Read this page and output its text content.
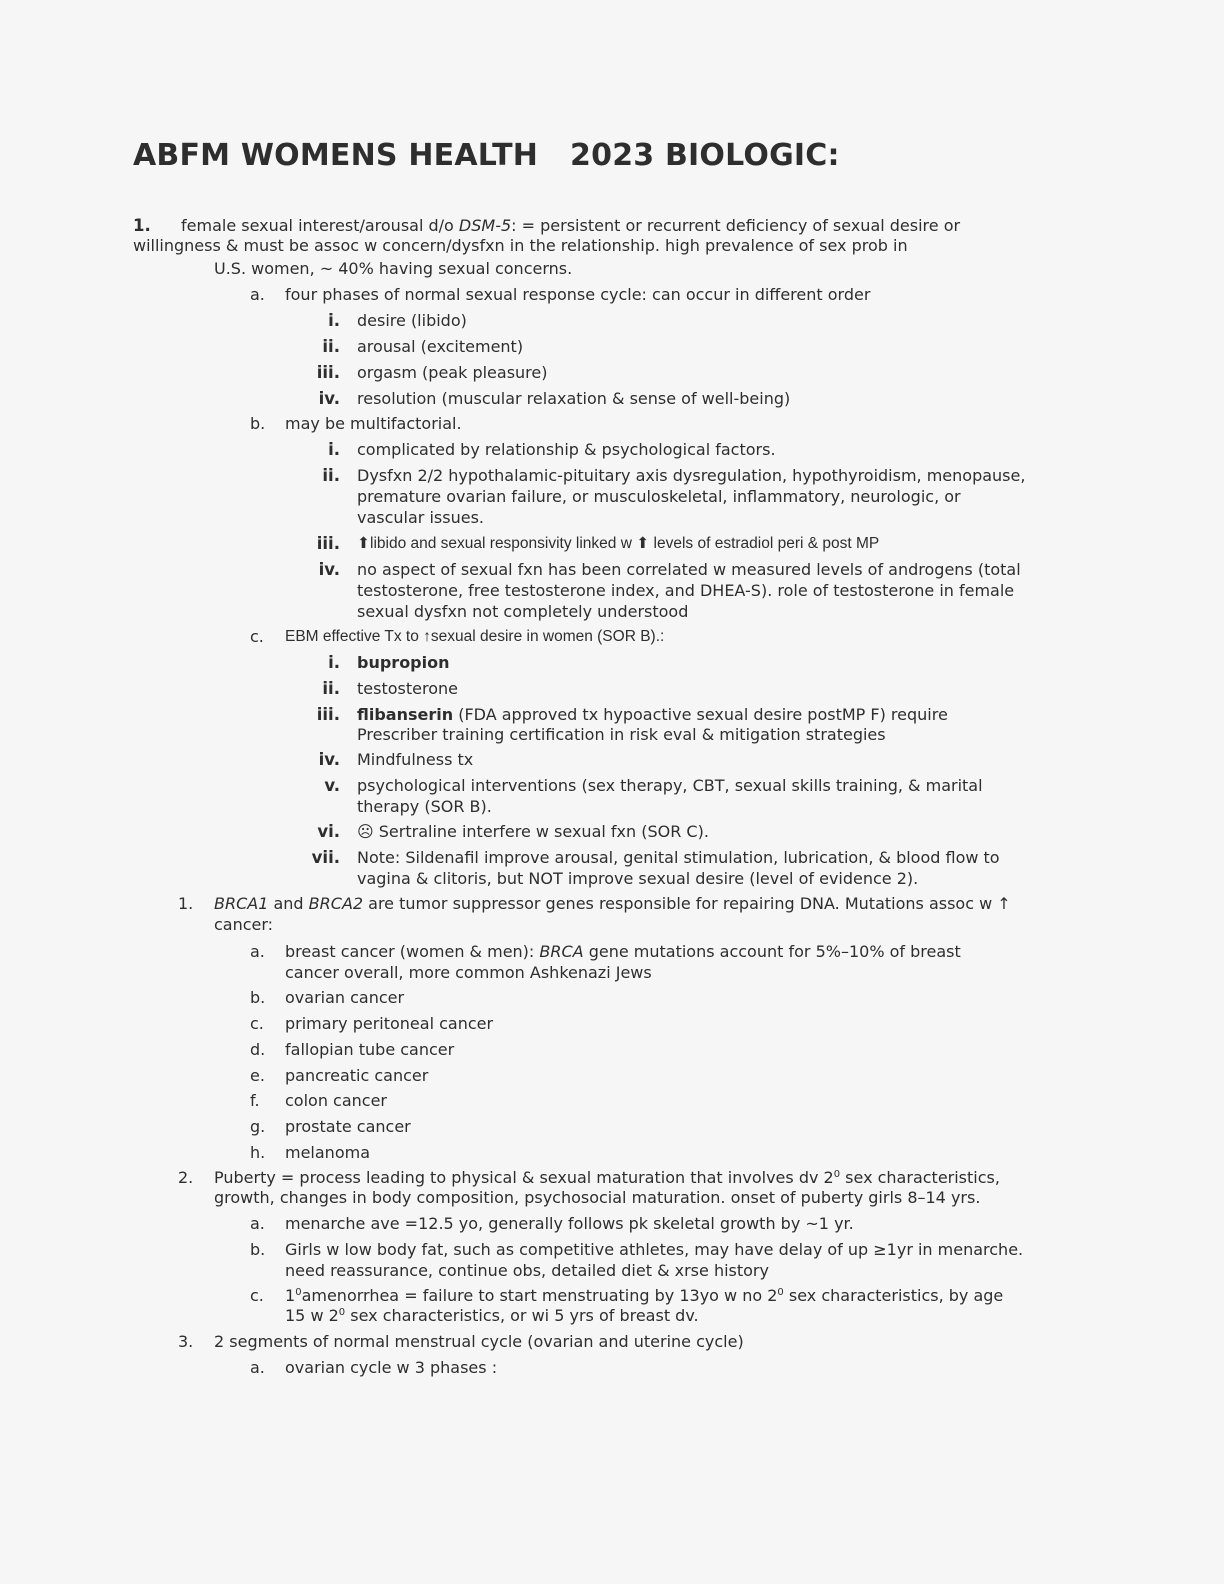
ABFM WOMENS HEALTH   2023 BIOLOGIC:
1. female sexual interest/arousal d/o DSM-5: = persistent or recurrent deficiency of sexual desire or
willingness & must be assoc w concern/dysfxn in the relationship. high prevalence of sex prob in
U.S. women, ~ 40% having sexual concerns.
a. four phases of normal sexual response cycle: can occur in different order
i. desire (libido)
ii. arousal (excitement)
iii. orgasm (peak pleasure)
iv. resolution (muscular relaxation & sense of well-being)
b. may be multifactorial.
i. complicated by relationship & psychological factors.
ii. Dysfxn 2/2 hypothalamic-pituitary axis dysregulation, hypothyroidism, menopause,
premature ovarian failure, or musculoskeletal, inflammatory, neurologic, or
vascular issues.
iii. ⬆libido and sexual responsivity linked w ⬆ levels of estradiol peri & post MP
iv. no aspect of sexual fxn has been correlated w measured levels of androgens (total
testosterone, free testosterone index, and DHEA-S). role of testosterone in female
sexual dysfxn not completely understood
c. EBM effective Tx to ↑sexual desire in women (SOR B).:
i. bupropion
ii. testosterone
iii. flibanserin (FDA approved tx hypoactive sexual desire postMP F) require
Prescriber training certification in risk eval & mitigation strategies
iv. Mindfulness tx
v. psychological interventions (sex therapy, CBT, sexual skills training, & marital
therapy (SOR B).
vi. ☹ Sertraline interfere w sexual fxn (SOR C).
vii. Note: Sildenafil improve arousal, genital stimulation, lubrication, & blood flow to
vagina & clitoris, but NOT improve sexual desire (level of evidence 2).
1. BRCA1 and BRCA2 are tumor suppressor genes responsible for repairing DNA. Mutations assoc w ↑
cancer:
a. breast cancer (women & men): BRCA gene mutations account for 5%–10% of breast
cancer overall, more common Ashkenazi Jews
b. ovarian cancer
c. primary peritoneal cancer
d. fallopian tube cancer
e. pancreatic cancer
f. colon cancer
g. prostate cancer
h. melanoma
2. Puberty = process leading to physical & sexual maturation that involves dv $2^0$ sex characteristics,
growth, changes in body composition, psychosocial maturation. onset of puberty girls 8–14 yrs.
a. menarche ave =12.5 yo, generally follows pk skeletal growth by ~1 yr.
b. Girls w low body fat, such as competitive athletes, may have delay of up ≥1yr in menarche.
need reassurance, continue obs, detailed diet & xrse history
c. $1^0amenorrhea$ = failure to start menstruating by 13yo w no $2^0$ sex characteristics, by age
15 w $2^0$ sex characteristics, or wi 5 yrs of breast dv.
3. 2 segments of normal menstrual cycle (ovarian and uterine cycle)
a. ovarian cycle w 3 phases :
